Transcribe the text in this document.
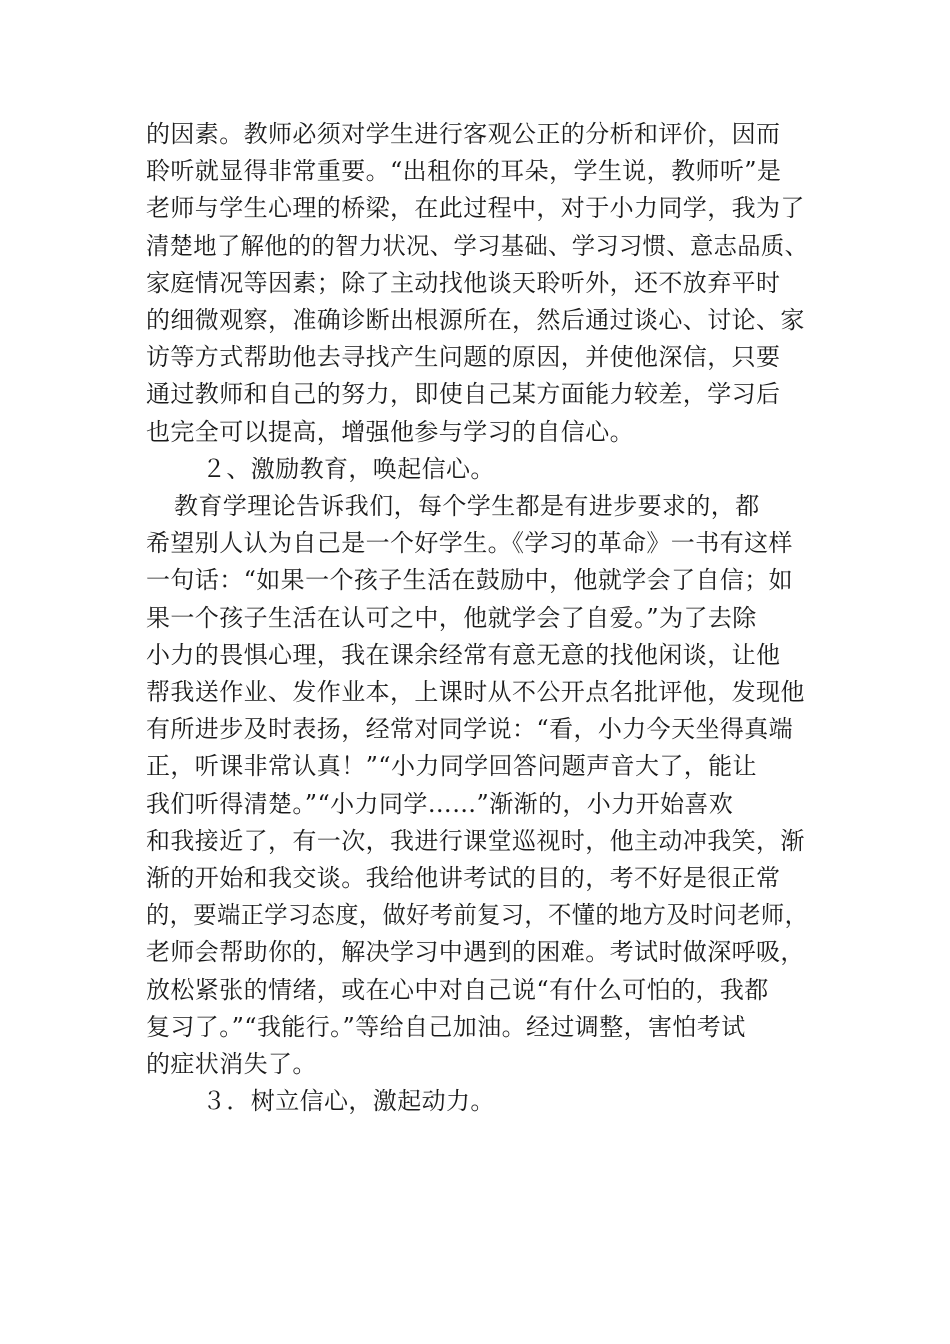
的因素。教师必须对学生进行客观公正的分析和评价，因而
聆听就显得非常重要。“出租你的耳朵，学生说，教师听”是
老师与学生心理的桥梁，在此过程中，对于小力同学，我为了
清楚地了解他的的智力状况、学习基础、学习习惯、意志品质、
家庭情况等因素；除了主动找他谈天聆听外，还不放弃平时
的细微观察，准确诊断出根源所在，然后通过谈心、讨论、家
访等方式帮助他去寻找产生问题的原因，并使他深信，只要
通过教师和自己的努力，即使自己某方面能力较差，学习后
也完全可以提高，增强他参与学习的自信心。
２、激励教育，唤起信心。
教育学理论告诉我们，每个学生都是有进步要求的，都
希望别人认为自己是一个好学生。《学习的革命》一书有这样
一句话：“如果一个孩子生活在鼓励中，他就学会了自信；如
果一个孩子生活在认可之中，他就学会了自爱。”为了去除
小力的畏惧心理，我在课余经常有意无意的找他闲谈，让他
帮我送作业、发作业本，上课时从不公开点名批评他，发现他
有所进步及时表扬，经常对同学说：“看，小力今天坐得真端
正，听课非常认真！”“小力同学回答问题声音大了，能让
我们听得清楚。”“小力同学……”渐渐的，小力开始喜欢
和我接近了，有一次，我进行课堂巡视时，他主动冲我笑，渐
渐的开始和我交谈。我给他讲考试的目的，考不好是很正常
的，要端正学习态度，做好考前复习，不懂的地方及时问老师，
老师会帮助你的，解决学习中遇到的困难。考试时做深呼吸，
放松紧张的情绪，或在心中对自己说“有什么可怕的，我都
复习了。”“我能行。”等给自己加油。经过调整，害怕考试
的症状消失了。
３．树立信心，激起动力。
